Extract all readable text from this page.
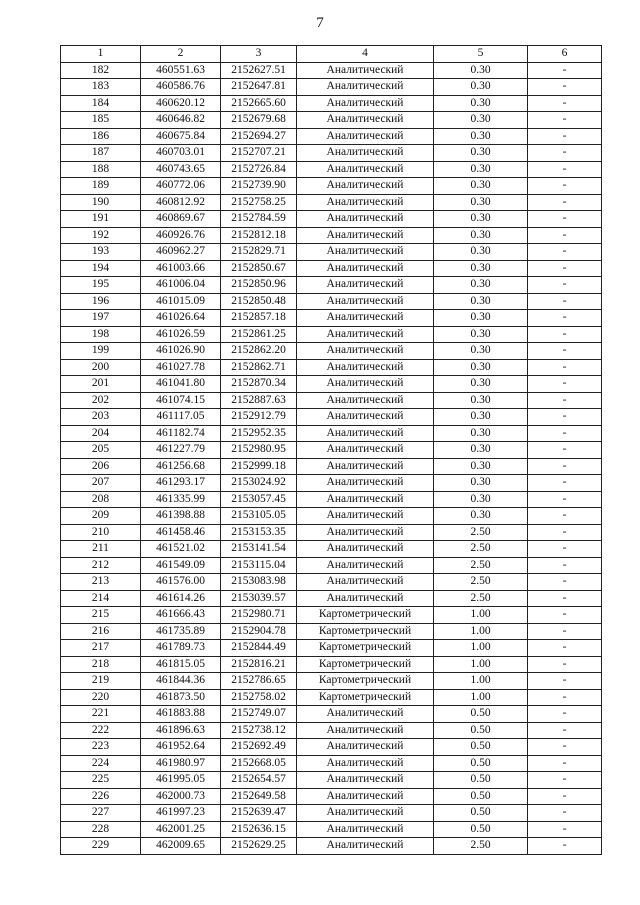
7
1	2	3	4	5	6
182	460551.63	2152627.51	Аналитический	0.30	-
183	460586.76	2152647.81	Аналитический	0.30	-
184	460620.12	2152665.60	Аналитический	0.30	-
185	460646.82	2152679.68	Аналитический	0.30	-
186	460675.84	2152694.27	Аналитический	0.30	-
187	460703.01	2152707.21	Аналитический	0.30	-
188	460743.65	2152726.84	Аналитический	0.30	-
189	460772.06	2152739.90	Аналитический	0.30	-
190	460812.92	2152758.25	Аналитический	0.30	-
191	460869.67	2152784.59	Аналитический	0.30	-
192	460926.76	2152812.18	Аналитический	0.30	-
193	460962.27	2152829.71	Аналитический	0.30	-
194	461003.66	2152850.67	Аналитический	0.30	-
195	461006.04	2152850.96	Аналитический	0.30	-
196	461015.09	2152850.48	Аналитический	0.30	-
197	461026.64	2152857.18	Аналитический	0.30	-
198	461026.59	2152861.25	Аналитический	0.30	-
199	461026.90	2152862.20	Аналитический	0.30	-
200	461027.78	2152862.71	Аналитический	0.30	-
201	461041.80	2152870.34	Аналитический	0.30	-
202	461074.15	2152887.63	Аналитический	0.30	-
203	461117.05	2152912.79	Аналитический	0.30	-
204	461182.74	2152952.35	Аналитический	0.30	-
205	461227.79	2152980.95	Аналитический	0.30	-
206	461256.68	2152999.18	Аналитический	0.30	-
207	461293.17	2153024.92	Аналитический	0.30	-
208	461335.99	2153057.45	Аналитический	0.30	-
209	461398.88	2153105.05	Аналитический	0.30	-
210	461458.46	2153153.35	Аналитический	2.50	-
211	461521.02	2153141.54	Аналитический	2.50	-
212	461549.09	2153115.04	Аналитический	2.50	-
213	461576.00	2153083.98	Аналитический	2.50	-
214	461614.26	2153039.57	Аналитический	2.50	-
215	461666.43	2152980.71	Картометрический	1.00	-
216	461735.89	2152904.78	Картометрический	1.00	-
217	461789.73	2152844.49	Картометрический	1.00	-
218	461815.05	2152816.21	Картометрический	1.00	-
219	461844.36	2152786.65	Картометрический	1.00	-
220	461873.50	2152758.02	Картометрический	1.00	-
221	461883.88	2152749.07	Аналитический	0.50	-
222	461896.63	2152738.12	Аналитический	0.50	-
223	461952.64	2152692.49	Аналитический	0.50	-
224	461980.97	2152668.05	Аналитический	0.50	-
225	461995.05	2152654.57	Аналитический	0.50	-
226	462000.73	2152649.58	Аналитический	0.50	-
227	461997.23	2152639.47	Аналитический	0.50	-
228	462001.25	2152636.15	Аналитический	0.50	-
229	462009.65	2152629.25	Аналитический	2.50	-
